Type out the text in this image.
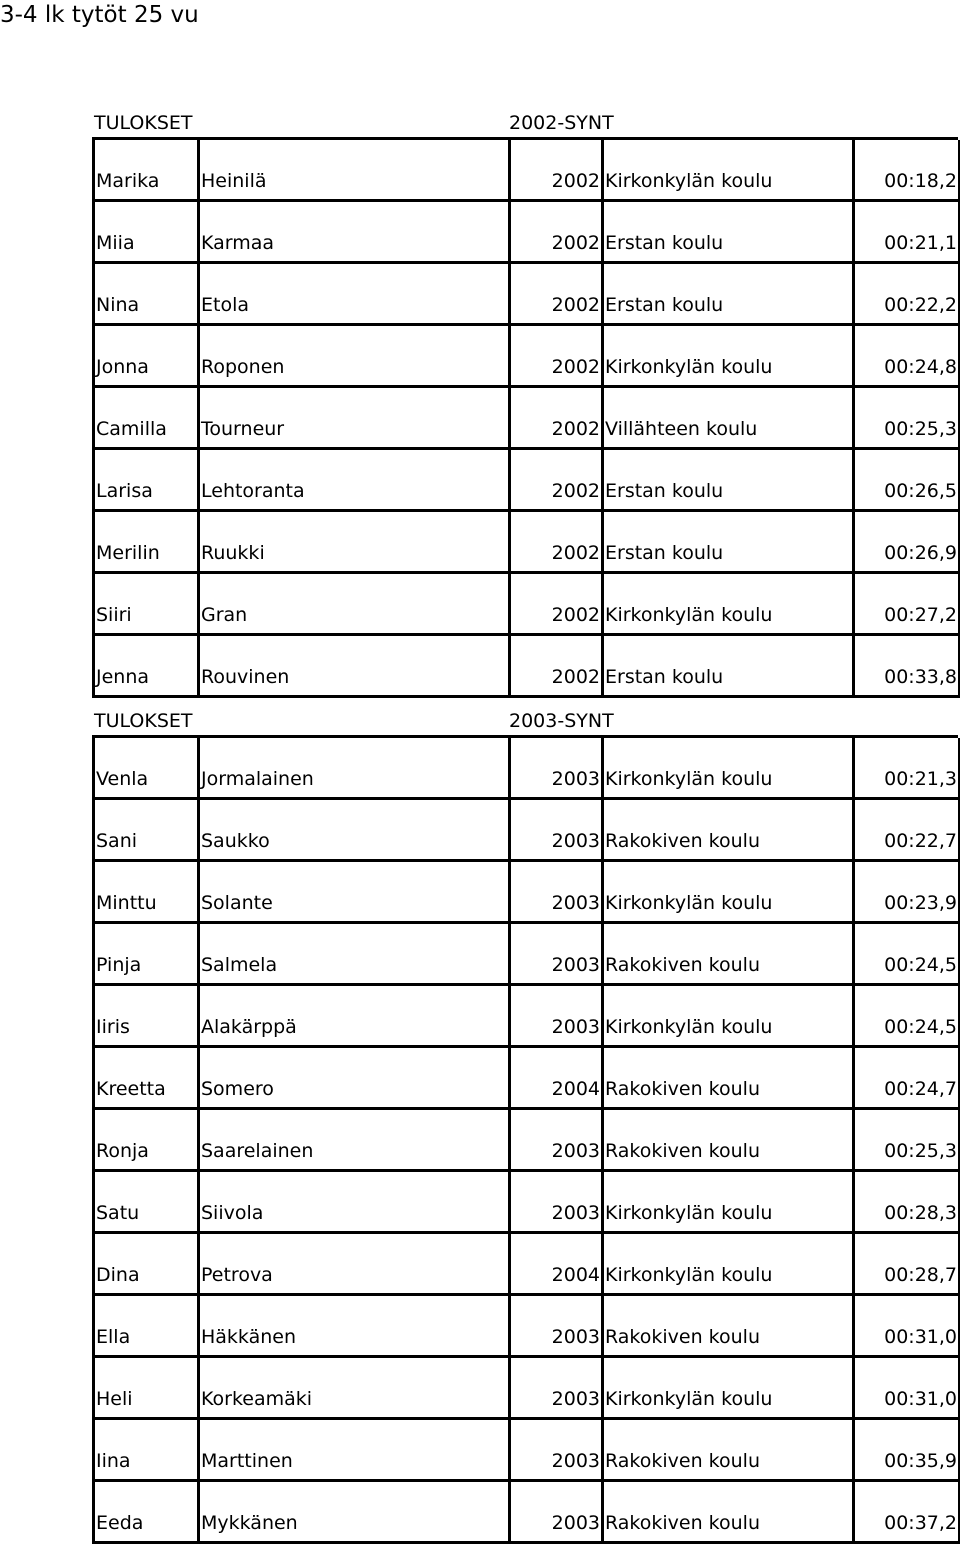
3-4 lk tytöt 25 vu
TULOKSET	2002-SYNT
Marika	Heinilä	2002 Kirkonkylän koulu	00:18,2
Miia	Karmaa	2002 Erstan koulu	00:21,1
Nina	Etola	2002 Erstan koulu	00:22,2
Jonna	Roponen	2002 Kirkonkylän koulu	00:24,8
Camilla	Tourneur	2002 Villähteen koulu	00:25,3
Larisa	Lehtoranta	2002 Erstan koulu	00:26,5
Merilin	Ruukki	2002 Erstan koulu	00:26,9
Siiri	Gran	2002 Kirkonkylän koulu	00:27,2
Jenna	Rouvinen	2002 Erstan koulu	00:33,8
TULOKSET	2003-SYNT
Venla	Jormalainen	2003 Kirkonkylän koulu	00:21,3
Sani	Saukko	2003 Rakokiven koulu	00:22,7
Minttu	Solante	2003 Kirkonkylän koulu	00:23,9
Pinja	Salmela	2003 Rakokiven koulu	00:24,5
Iiris	Alakärppä	2003 Kirkonkylän koulu	00:24,5
Kreetta	Somero	2004 Rakokiven koulu	00:24,7
Ronja	Saarelainen	2003 Rakokiven koulu	00:25,3
Satu	Siivola	2003 Kirkonkylän koulu	00:28,3
Dina	Petrova	2004 Kirkonkylän koulu	00:28,7
Ella	Häkkänen	2003 Rakokiven koulu	00:31,0
Heli	Korkeamäki	2003 Kirkonkylän koulu	00:31,0
Iina	Marttinen	2003 Rakokiven koulu	00:35,9
Eeda	Mykkänen	2003 Rakokiven koulu	00:37,2
